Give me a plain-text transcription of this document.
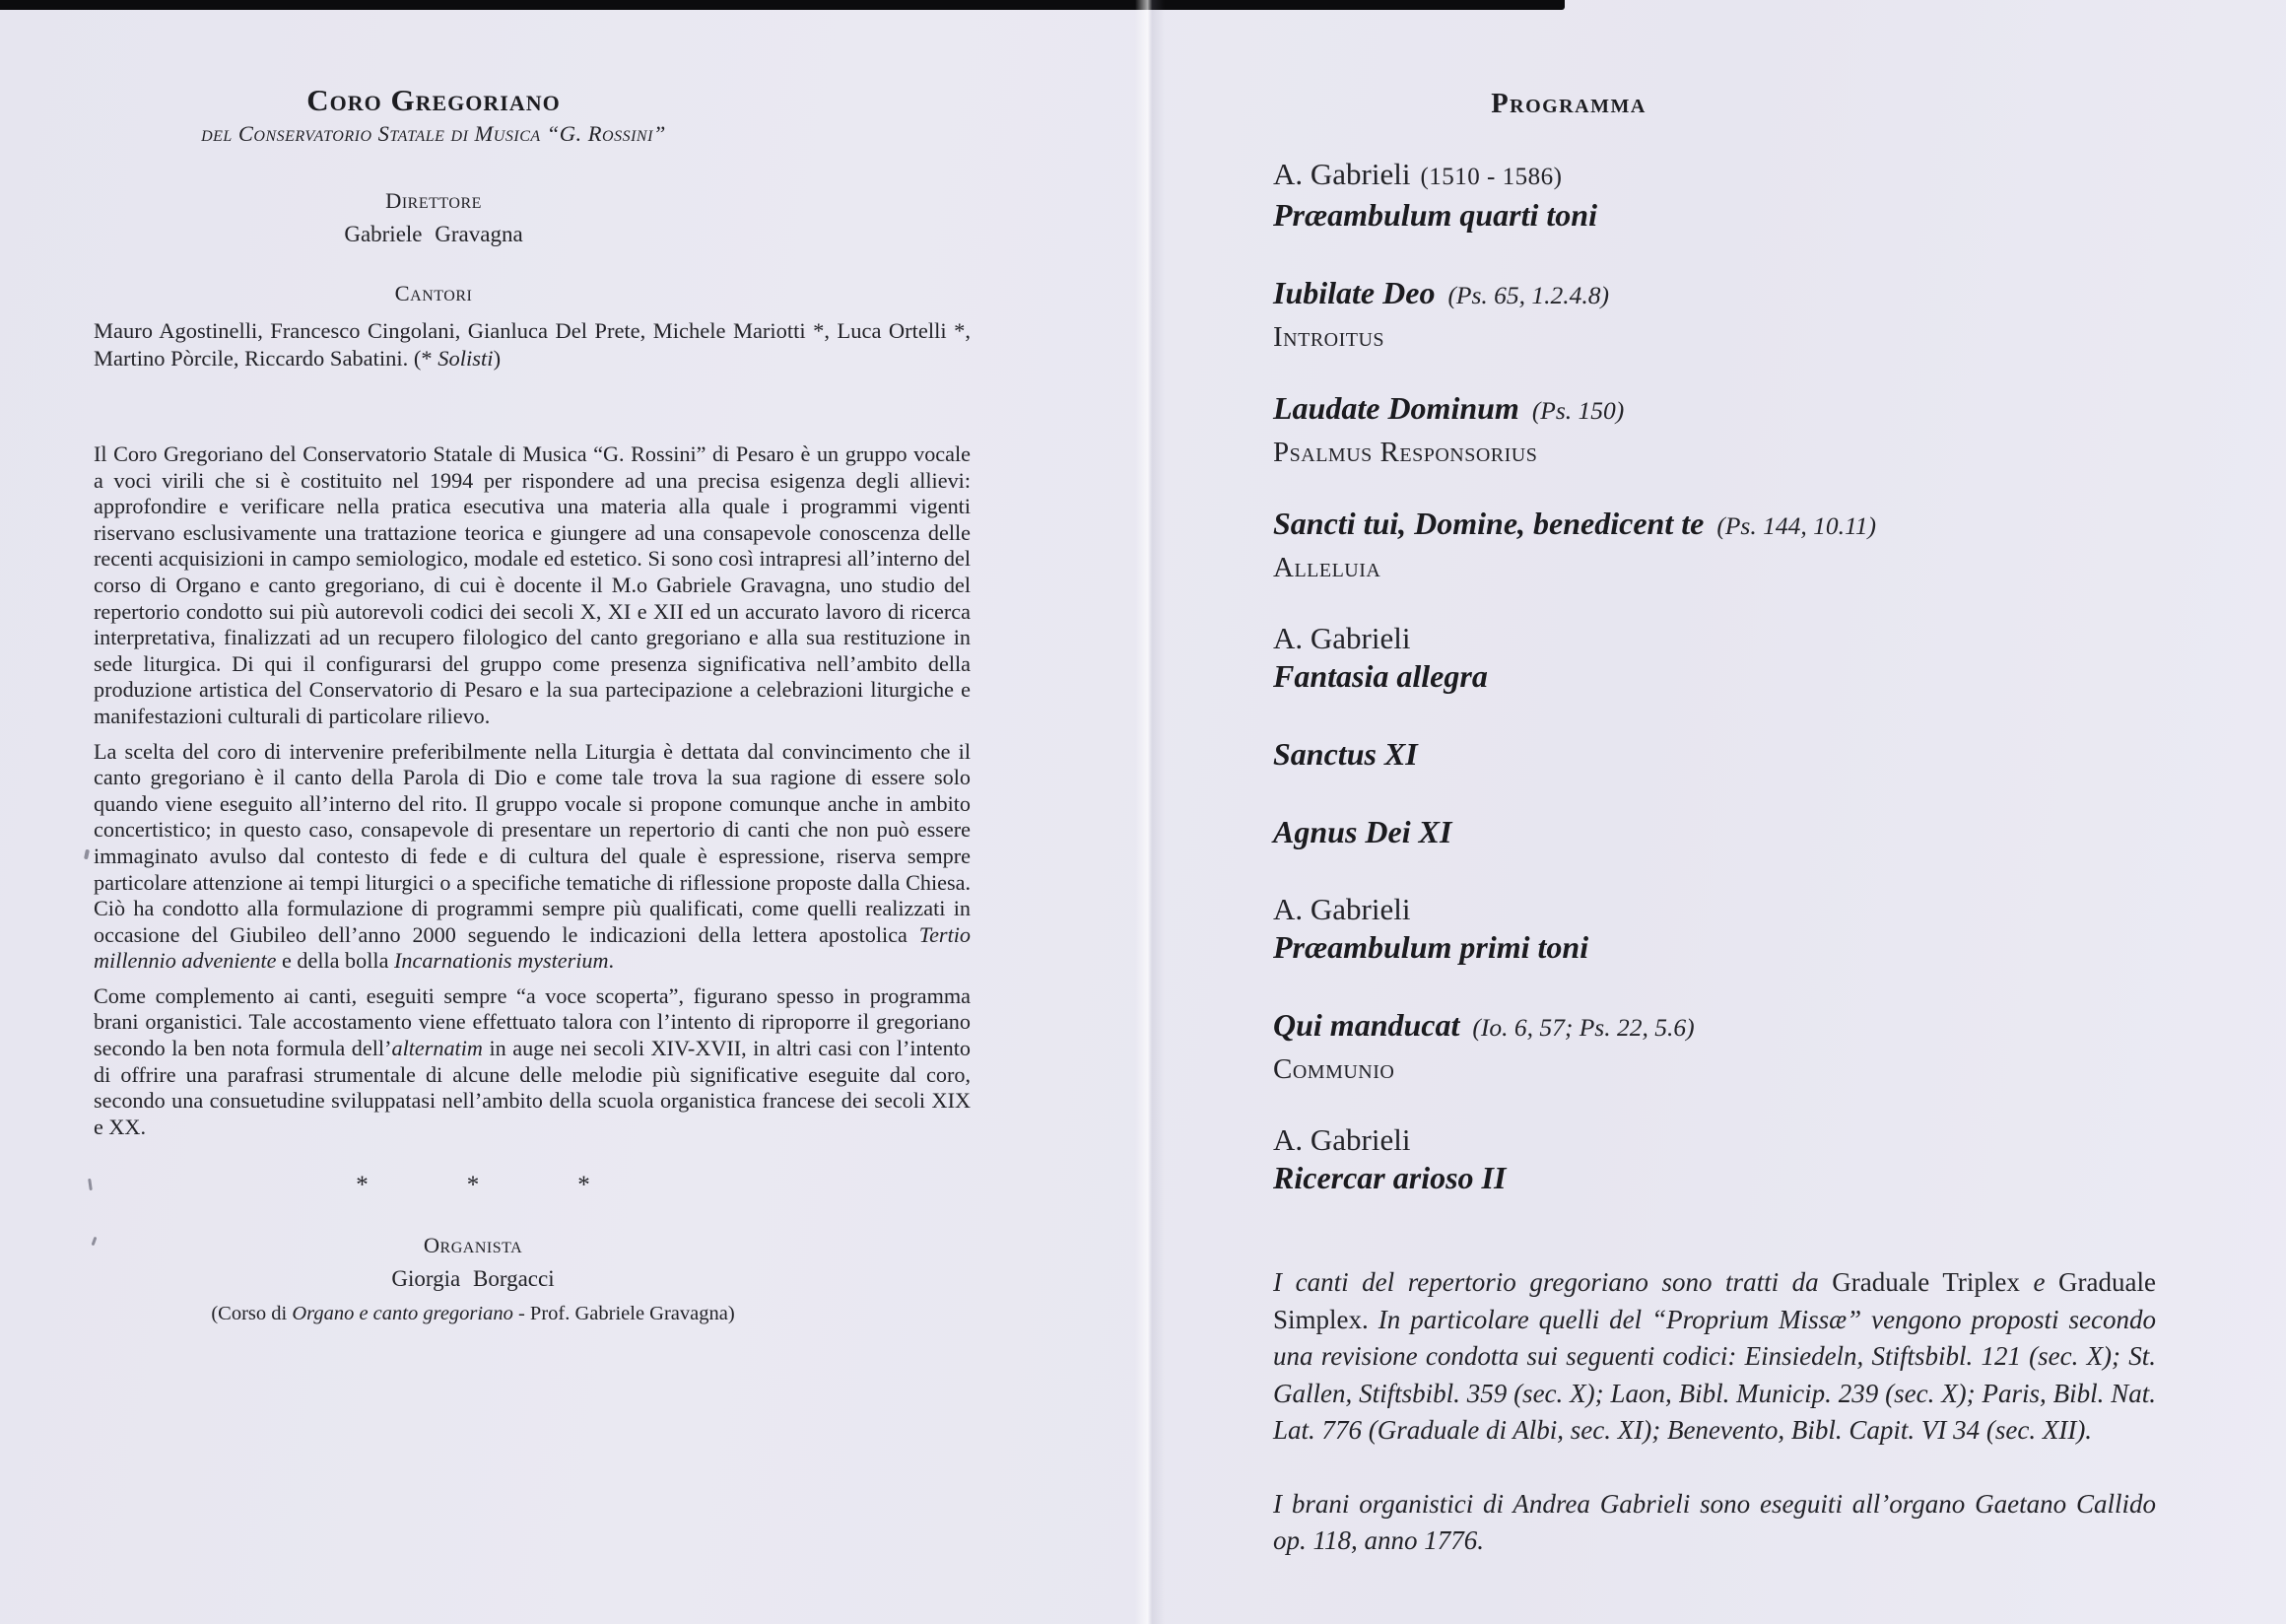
Coro Gregoriano
del Conservatorio Statale di Musica “G. Rossini”
Direttore
Gabriele Gravagna
Cantori
Mauro Agostinelli, Francesco Cingolani, Gianluca Del Prete, Michele Mariotti *, Luca Ortelli *, Martino Pòrcile, Riccardo Sabatini. (* Solisti)
Il Coro Gregoriano del Conservatorio Statale di Musica “G. Rossini” di Pesaro è un gruppo vocale a voci virili che si è costituito nel 1994 per rispondere ad una precisa esigenza degli allievi: approfondire e verificare nella pratica esecutiva una materia alla quale i programmi vigenti riservano esclusivamente una trattazione teorica e giungere ad una consapevole conoscenza delle recenti acquisizioni in campo semiologico, modale ed estetico. Si sono così intrapresi all’interno del corso di Organo e canto gregoriano, di cui è docente il M.o Gabriele Gravagna, uno studio del repertorio condotto sui più autorevoli codici dei secoli X, XI e XII ed un accurato lavoro di ricerca interpretativa, finalizzati ad un recupero filologico del canto gregoriano e alla sua restituzione in sede liturgica. Di qui il configurarsi del gruppo come presenza significativa nell’ambito della produzione artistica del Conservatorio di Pesaro e la sua partecipazione a celebrazioni liturgiche e manifestazioni culturali di particolare rilievo.
La scelta del coro di intervenire preferibilmente nella Liturgia è dettata dal convincimento che il canto gregoriano è il canto della Parola di Dio e come tale trova la sua ragione di essere solo quando viene eseguito all’interno del rito. Il gruppo vocale si propone comunque anche in ambito concertistico; in questo caso, consapevole di presentare un repertorio di canti che non può essere immaginato avulso dal contesto di fede e di cultura del quale è espressione, riserva sempre particolare attenzione ai tempi liturgici o a specifiche tematiche di riflessione proposte dalla Chiesa. Ciò ha condotto alla formulazione di programmi sempre più qualificati, come quelli realizzati in occasione del Giubileo dell’anno 2000 seguendo le indicazioni della lettera apostolica Tertio millennio adveniente e della bolla Incarnationis mysterium.
Come complemento ai canti, eseguiti sempre “a voce scoperta”, figurano spesso in programma brani organistici. Tale accostamento viene effettuato talora con l’intento di riproporre il gregoriano secondo la ben nota formula dell’alternatim in auge nei secoli XIV-XVII, in altri casi con l’intento di offrire una parafrasi strumentale di alcune delle melodie più significative eseguite dal coro, secondo una consuetudine sviluppatasi nell’ambito della scuola organistica francese dei secoli XIX e XX.
*	*	*
Organista
Giorgia Borgacci
(Corso di Organo e canto gregoriano - Prof. Gabriele Gravagna)
Programma
A. Gabrieli (1510 - 1586)
Præambulum quarti toni
Iubilate Deo (Ps. 65, 1.2.4.8)
Introitus
Laudate Dominum (Ps. 150)
Psalmus Responsorius
Sancti tui, Domine, benedicent te (Ps. 144, 10.11)
Alleluia
A. Gabrieli
Fantasia allegra
Sanctus XI
Agnus Dei XI
A. Gabrieli
Præambulum primi toni
Qui manducat (Io. 6, 57; Ps. 22, 5.6)
Communio
A. Gabrieli
Ricercar arioso II
I canti del repertorio gregoriano sono tratti da Graduale Triplex e Graduale Simplex. In particolare quelli del “Proprium Missæ” vengono proposti secondo una revisione condotta sui seguenti codici: Einsiedeln, Stiftsbibl. 121 (sec. X); St. Gallen, Stiftsbibl. 359 (sec. X); Laon, Bibl. Municip. 239 (sec. X); Paris, Bibl. Nat. Lat. 776 (Graduale di Albi, sec. XI); Benevento, Bibl. Capit. VI 34 (sec. XII).
I brani organistici di Andrea Gabrieli sono eseguiti all’organo Gaetano Callido op. 118, anno 1776.
